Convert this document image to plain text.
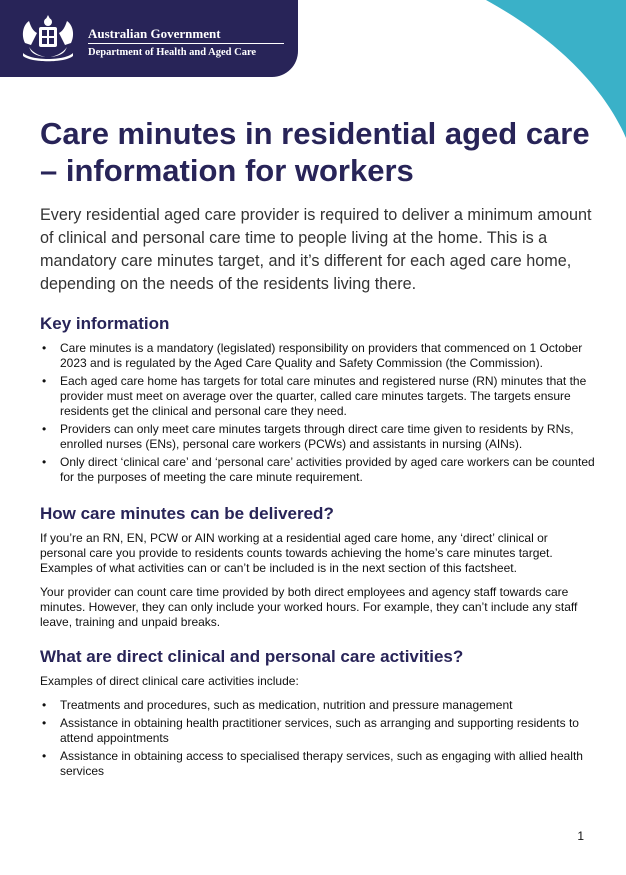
Australian Government
Department of Health and Aged Care
Care minutes in residential aged care – information for workers

Every residential aged care provider is required to deliver a minimum amount of clinical and personal care time to people living at the home. This is a mandatory care minutes target, and it’s different for each aged care home, depending on the needs of the residents living there.

Key information
• Care minutes is a mandatory (legislated) responsibility on providers that commenced on 1 October 2023 and is regulated by the Aged Care Quality and Safety Commission (the Commission).
• Each aged care home has targets for total care minutes and registered nurse (RN) minutes that the provider must meet on average over the quarter, called care minutes targets. The targets ensure residents get the clinical and personal care they need.
• Providers can only meet care minutes targets through direct care time given to residents by RNs, enrolled nurses (ENs), personal care workers (PCWs) and assistants in nursing (AINs).
• Only direct ‘clinical care’ and ‘personal care’ activities provided by aged care workers can be counted for the purposes of meeting the care minute requirement.
How care minutes can be delivered?

If you’re an RN, EN, PCW or AIN working at a residential aged care home, any ‘direct’ clinical or personal care you provide to residents counts towards achieving the home’s care minutes target. Examples of what activities can or can’t be included is in the next section of this factsheet.

Your provider can count care time provided by both direct employees and agency staff towards care minutes. However, they can only include your worked hours. For example, they can’t include any staff leave, training and unpaid breaks.

What are direct clinical and personal care activities?

Examples of direct clinical care activities include:

• Treatments and procedures, such as medication, nutrition and pressure management
• Assistance in obtaining health practitioner services, such as arranging and supporting residents to attend appointments
• Assistance in obtaining access to specialised therapy services, such as engaging with allied health services
1
